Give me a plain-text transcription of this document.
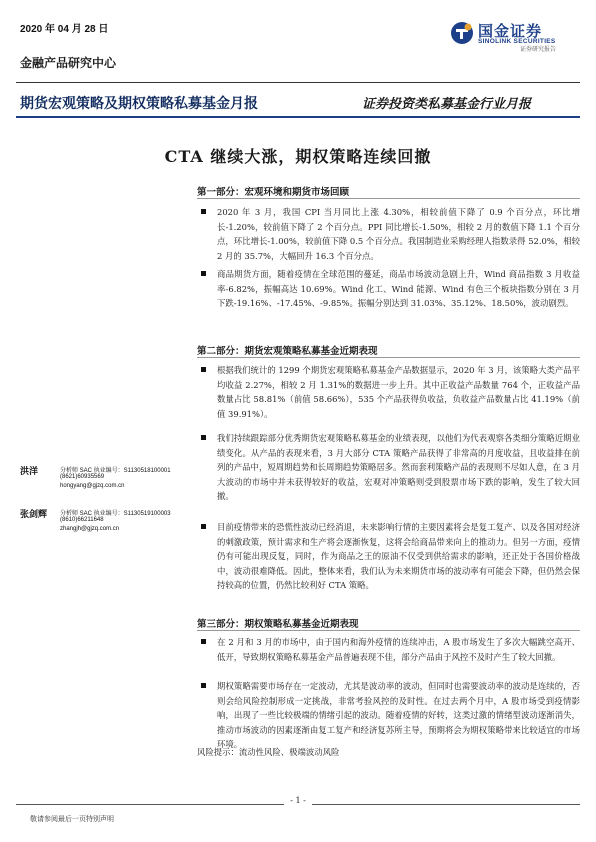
2020 年 04 月 28 日
金融产品研究中心
国金证券
SINOLINK SECURITIES
证券研究报告
期货宏观策略及期权策略私募基金月报	证券投资类私募基金行业月报
CTA 继续大涨，期权策略连续回撤
第一部分：宏观环境和期货市场回顾
2020 年 3 月，我国 CPI 当月同比上涨 4.30%，相较前值下降了 0.9 个百分点，环比增长-1.20%，较前值下降了 2 个百分点。PPI 同比增长-1.50%，相较 2 月的数值下降 1.1 个百分点，环比增长-1.00%，较前值下降 0.5 个百分点。我国制造业采购经理人指数录得 52.0%，相较 2 月的 35.7%，大幅回升 16.3 个百分点。
商品期货方面，随着疫情在全球范围的蔓延，商品市场波动急剧上升，Wind 商品指数 3 月收益率-6.82%，振幅高达 10.69%。Wind 化工、Wind 能源、Wind 有色三个板块指数分别在 3 月下跌-19.16%、-17.45%、-9.85%。振幅分别达到 31.03%、35.12%、18.50%，波动剧烈。
第二部分：期货宏观策略私募基金近期表现
根据我们统计的 1299 个期货宏观策略私募基金产品数据显示，2020 年 3 月，该策略大类产品平均收益 2.27%，相较 2 月 1.31%的数据进一步上升。其中正收益产品数量 764 个，正收益产品数量占比 58.81%（前值 58.66%），535 个产品获得负收益，负收益产品数量占比 41.19%（前值 39.91%）。
我们持续跟踪部分优秀期货宏观策略私募基金的业绩表现，以他们为代表观察各类细分策略近期业绩变化。从产品的表现来看，3 月大部分 CTA 策略产品获得了非常高的月度收益，且收益排在前列的产品中，短周期趋势和长周期趋势策略居多。然而套利策略产品的表现则不尽如人意，在 3 月大波动的市场中并未获得较好的收益，宏观对冲策略则受到股票市场下跌的影响，发生了较大回撤。
目前疫情带来的恐慌性波动已经消退，未来影响行情的主要因素将会是复工复产、以及各国对经济的刺激政策，预计需求和生产将会逐渐恢复，这将会给商品带来向上的推动力。但另一方面，疫情仍有可能出现反复，同时，作为商品之王的原油不仅受到供给需求的影响，还正处于各国价格战中，波动很难降低。因此，整体来看，我们认为未来期货市场的波动率有可能会下降，但仍然会保持较高的位置，仍然比较利好 CTA 策略。
洪洋	分析师 SAC 执业编号：S1130518100001
(8621)60935569
hongyang@gjzq.com.cn
张剑辉 分析师 SAC 执业编号：S1130519100003
(8610)66211648
zhangjh@gjzq.com.cn
第三部分：期权策略私募基金近期表现
在 2 月和 3 月的市场中，由于国内和海外疫情的连续冲击，A 股市场发生了多次大幅跳空高开、低开，导致期权策略私募基金产品普遍表现不佳，部分产品由于风控不及时产生了较大回撤。
期权策略需要市场存在一定波动，尤其是波动率的波动，但同时也需要波动率的波动是连续的，否则会给风险控制形成一定挑战，非常考验风控的及时性。在过去两个月中，A 股市场受到疫情影响，出现了一些比较极端的情绪引起的波动。随着疫情的好转，这类过激的情绪型波动逐渐消失，推动市场波动的因素逐渐由复工复产和经济复苏所主导，预期将会为期权策略带来比较适宜的市场环境。
风险提示：流动性风险、极端波动风险
- 1 -
敬请参阅最后一页特别声明
